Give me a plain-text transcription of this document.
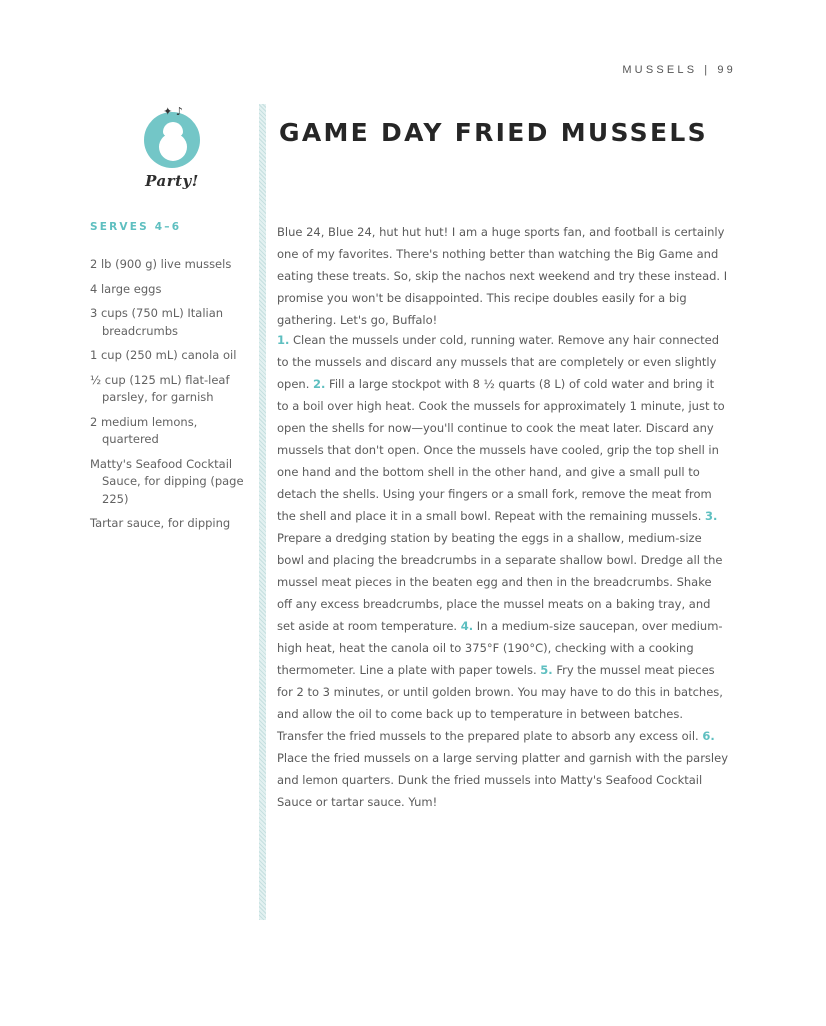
MUSSELS | 99
✦ ♪
Party!
GAME DAY FRIED MUSSELS
SERVES 4–6
2 lb (900 g) live mussels
4 large eggs
3 cups (750 mL) Italian breadcrumbs
1 cup (250 mL) canola oil
½ cup (125 mL) flat-leaf parsley, for garnish
2 medium lemons, quartered
Matty's Seafood Cocktail Sauce, for dipping (page 225)
Tartar sauce, for dipping

Blue 24, Blue 24, hut hut hut! I am a huge sports fan, and football is certainly one of my favorites. There's nothing better than watching the Big Game and eating these treats. So, skip the nachos next weekend and try these instead. I promise you won't be disappointed. This recipe doubles easily for a big gathering. Let's go, Buffalo!

1. Clean the mussels under cold, running water. Remove any hair connected to the mussels and discard any mussels that are completely or even slightly open. 2. Fill a large stockpot with 8 ½ quarts (8 L) of cold water and bring it to a boil over high heat. Cook the mussels for approximately 1 minute, just to open the shells for now—you'll continue to cook the meat later. Discard any mussels that don't open. Once the mussels have cooled, grip the top shell in one hand and the bottom shell in the other hand, and give a small pull to detach the shells. Using your fingers or a small fork, remove the meat from the shell and place it in a small bowl. Repeat with the remaining mussels. 3. Prepare a dredging station by beating the eggs in a shallow, medium-size bowl and placing the breadcrumbs in a separate shallow bowl. Dredge all the mussel meat pieces in the beaten egg and then in the breadcrumbs. Shake off any excess breadcrumbs, place the mussel meats on a baking tray, and set aside at room temperature. 4. In a medium-size saucepan, over medium-high heat, heat the canola oil to 375°F (190°C), checking with a cooking thermometer. Line a plate with paper towels. 5. Fry the mussel meat pieces for 2 to 3 minutes, or until golden brown. You may have to do this in batches, and allow the oil to come back up to temperature in between batches. Transfer the fried mussels to the prepared plate to absorb any excess oil. 6. Place the fried mussels on a large serving platter and garnish with the parsley and lemon quarters. Dunk the fried mussels into Matty's Seafood Cocktail Sauce or tartar sauce. Yum!
